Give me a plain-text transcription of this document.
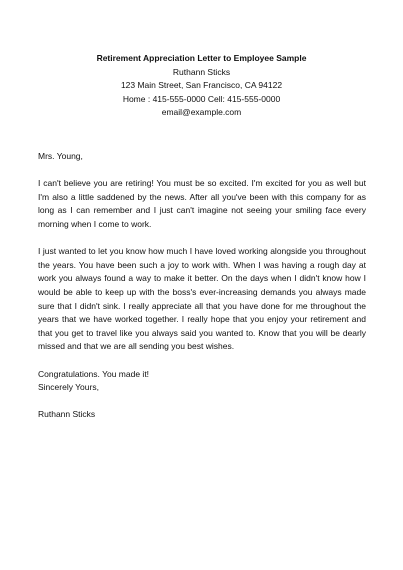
Retirement Appreciation Letter to Employee Sample
Ruthann Sticks
123 Main Street, San Francisco, CA 94122
Home : 415-555-0000 Cell: 415-555-0000
email@example.com

Mrs. Young,

I can't believe you are retiring! You must be so excited. I'm excited for you as well but I'm also a little saddened by the news. After all you've been with this company for as long as I can remember and I just can't imagine not seeing your smiling face every morning when I come to work.

I just wanted to let you know how much I have loved working alongside you throughout the years. You have been such a joy to work with. When I was having a rough day at work you always found a way to make it better. On the days when I didn't know how I would be able to keep up with the boss's ever-increasing demands you always made sure that I didn't sink. I really appreciate all that you have done for me throughout the years that we have worked together. I really hope that you enjoy your retirement and that you get to travel like you always said you wanted to. Know that you will be dearly missed and that we are all sending you best wishes.

Congratulations. You made it!
Sincerely Yours,
Ruthann Sticks
